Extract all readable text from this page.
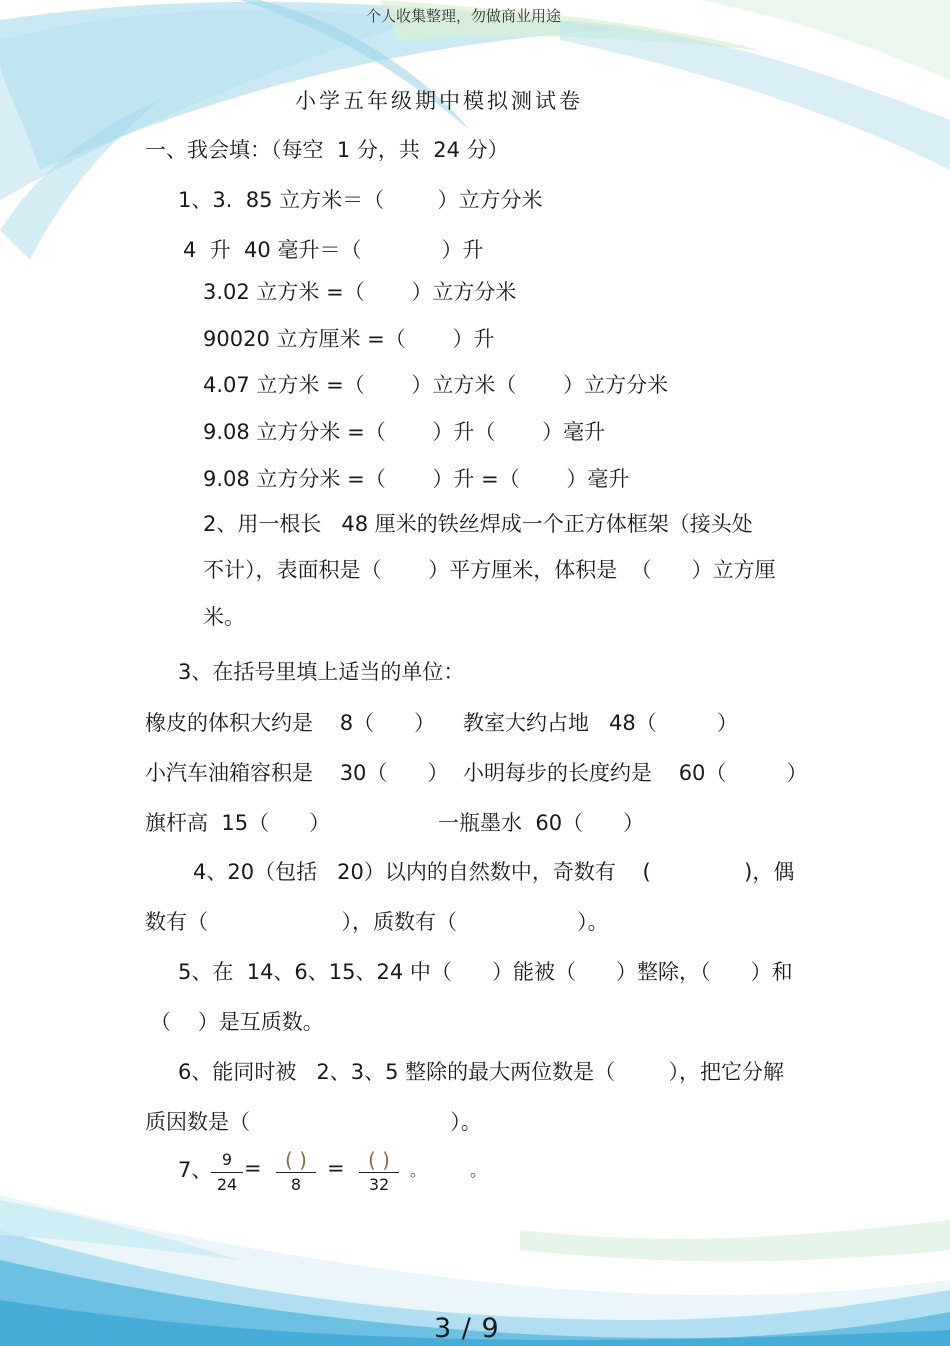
个人收集整理，勿做商业用途
小学五年级期中模拟测试卷
一、我会填：（每空  1 分，共  24 分）
1、3.  85 立方米＝（        ）立方分米
4  升  40 毫升＝（            ）升
3.02 立方米 =（       ）立方分米
90020 立方厘米 =（       ）升
4.07 立方米 =（       ）立方米（       ）立方分米
9.08 立方分米 =（       ）升（       ）毫升
9.08 立方分米 =（       ）升 =（       ）毫升
2、用一根长   48 厘米的铁丝焊成一个正方体框架（接头处
不计），表面积是（       ）平方厘米，体积是  （      ）立方厘
米。
3、在括号里填上适当的单位：
橡皮的体积大约是    8（      ） 教室大约占地   48（         ）
小汽车油箱容积是    30（      ） 小明每步的长度约是    60（         ）
旗杆高  15（      ）	一瓶墨水  60（      ）
4、20（包括   20）以内的自然数中，奇数有    (              )，偶
数有（                    ），质数有（                  ）。
5、在  14、6、15、24 中（      ）能被（      ）整除，（      ）和
（    ）是互质数。
6、能同时被   2、3、5 整除的最大两位数是（        ），把它分解
质因数是（                              ）。
7、 9
24
=	( )
8
=	( )
32
。	。
3 / 9
